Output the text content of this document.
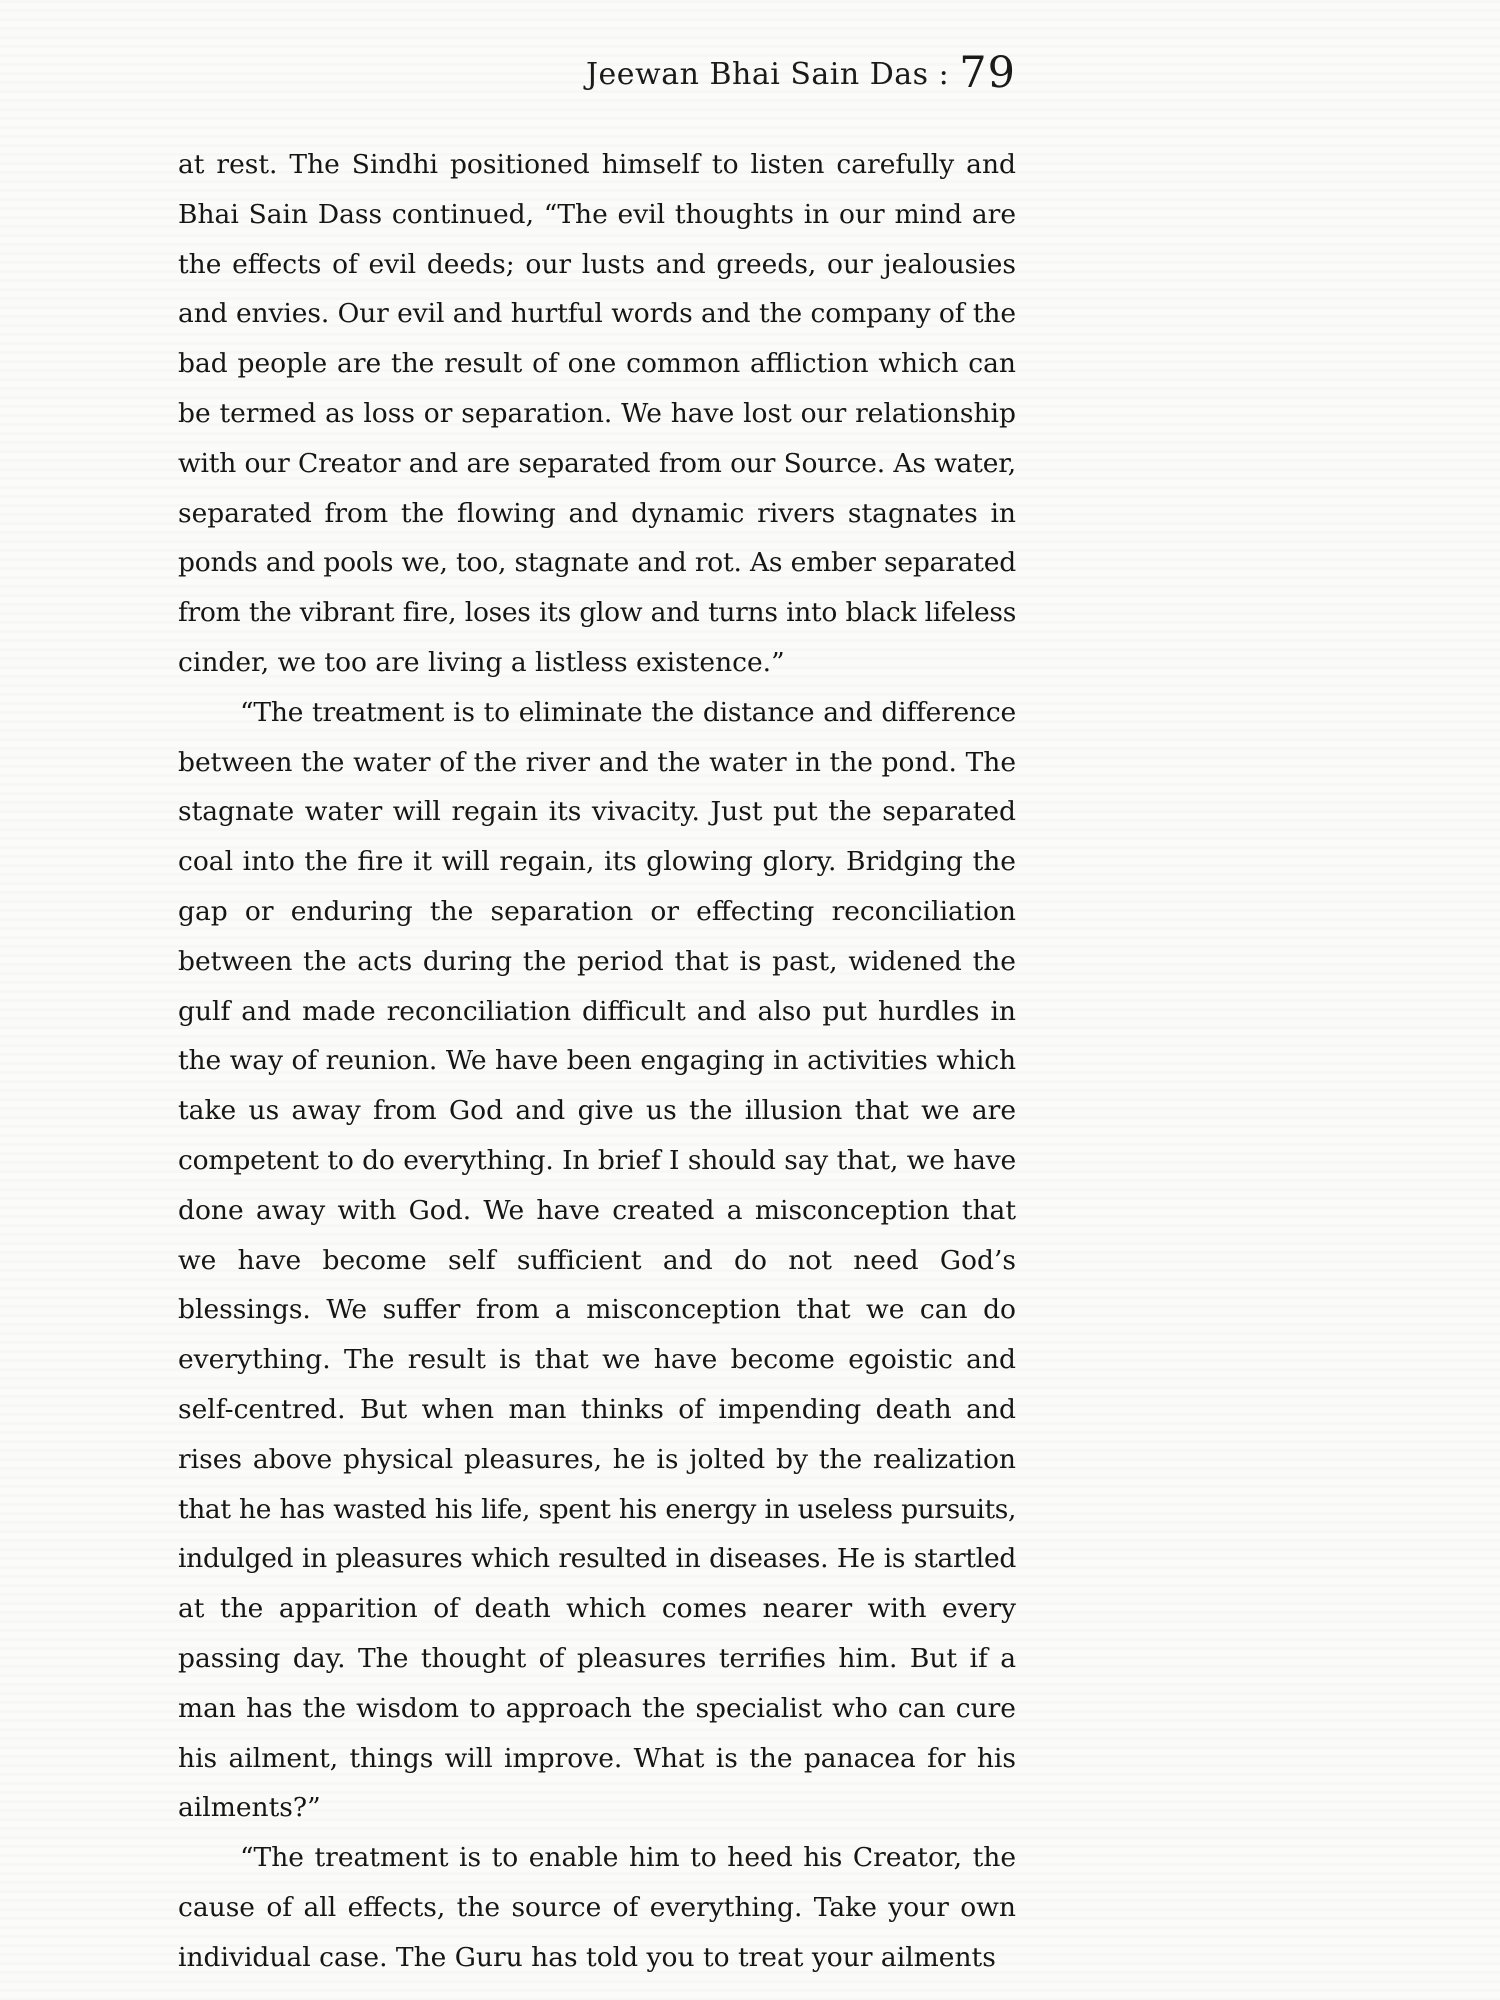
Jeewan Bhai Sain Das : 79
at rest. The Sindhi positioned himself to listen carefully and
Bhai Sain Dass continued, “The evil thoughts in our mind are
the effects of evil deeds; our lusts and greeds, our jealousies
and envies. Our evil and hurtful words and the company of the
bad people are the result of one common affliction which can
be termed as loss or separation. We have lost our relationship
with our Creator and are separated from our Source. As water,
separated from the flowing and dynamic rivers stagnates in
ponds and pools we, too, stagnate and rot. As ember separated
from the vibrant fire, loses its glow and turns into black lifeless
cinder, we too are living a listless existence.”
“The treatment is to eliminate the distance and difference
between the water of the river and the water in the pond. The
stagnate water will regain its vivacity. Just put the separated
coal into the fire it will regain, its glowing glory. Bridging the
gap or enduring the separation or effecting reconciliation
between the acts during the period that is past, widened the
gulf and made reconciliation difficult and also put hurdles in
the way of reunion. We have been engaging in activities which
take us away from God and give us the illusion that we are
competent to do everything. In brief I should say that, we have
done away with God. We have created a misconception that
we have become self sufficient and do not need God’s
blessings. We suffer from a misconception that we can do
everything. The result is that we have become egoistic and
self-centred. But when man thinks of impending death and
rises above physical pleasures, he is jolted by the realization
that he has wasted his life, spent his energy in useless pursuits,
indulged in pleasures which resulted in diseases. He is startled
at the apparition of death which comes nearer with every
passing day. The thought of pleasures terrifies him. But if a
man has the wisdom to approach the specialist who can cure
his ailment, things will improve. What is the panacea for his
ailments?”
“The treatment is to enable him to heed his Creator, the
cause of all effects, the source of everything. Take your own
individual case. The Guru has told you to treat your ailments
